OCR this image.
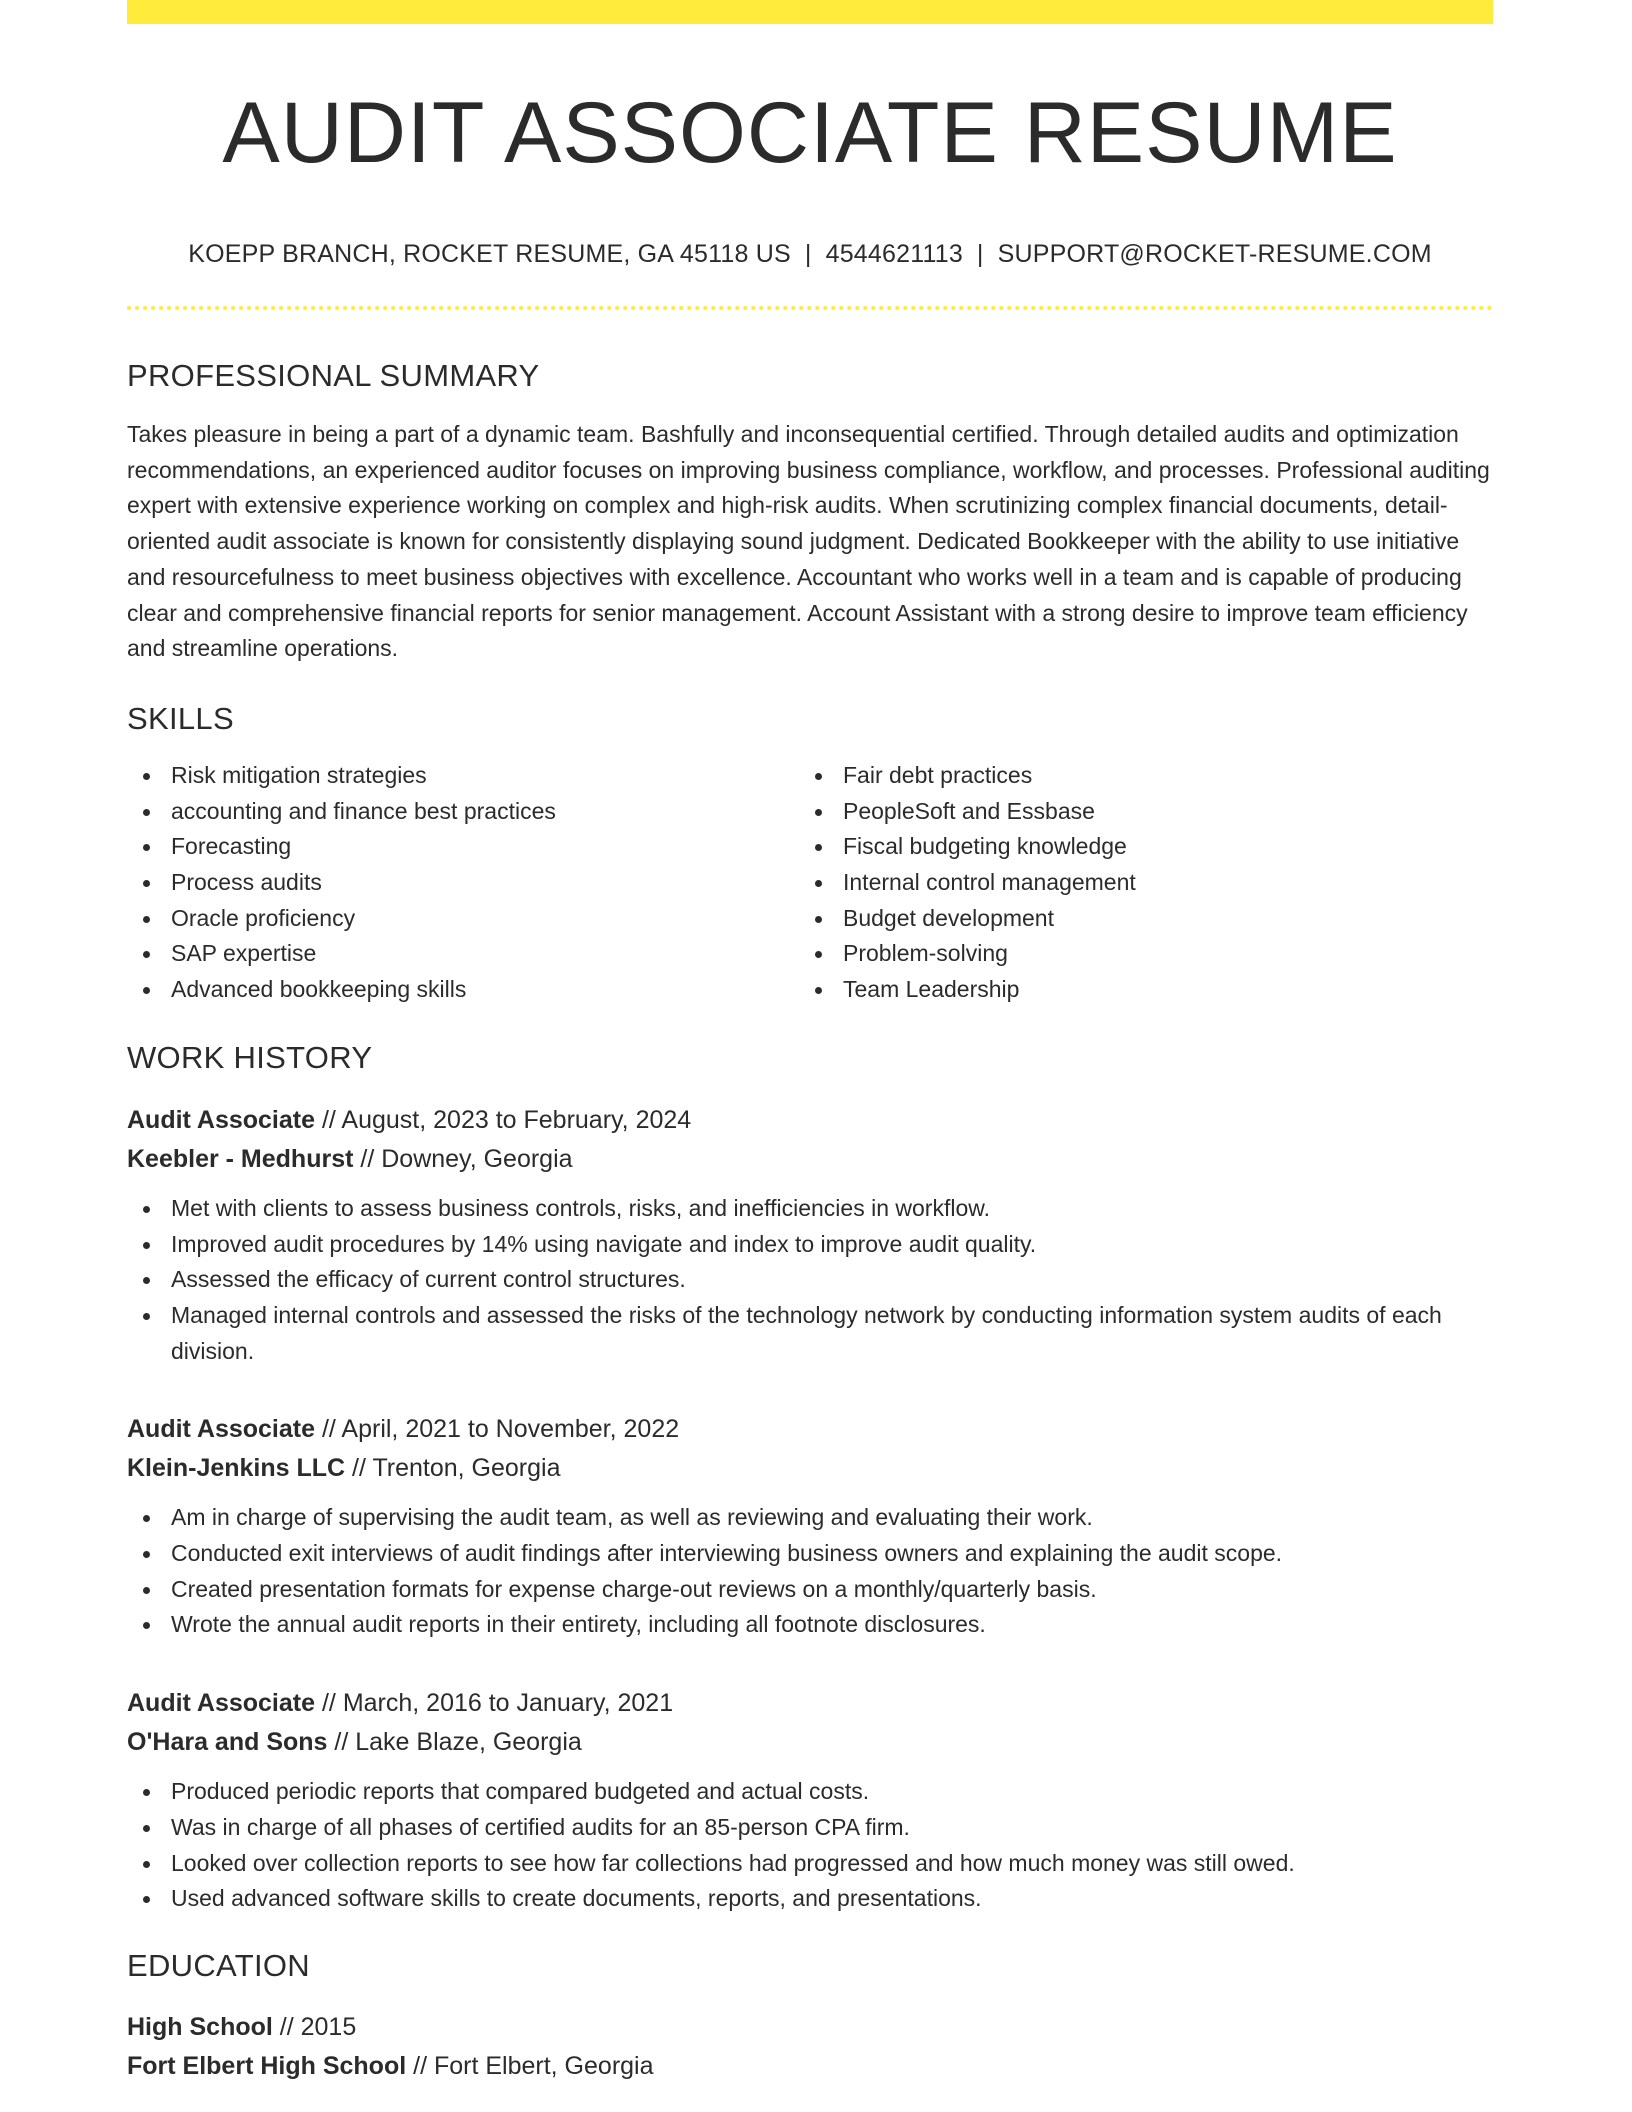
AUDIT ASSOCIATE RESUME
KOEPP BRANCH, ROCKET RESUME, GA 45118 US | 4544621113 | SUPPORT@ROCKET-RESUME.COM
PROFESSIONAL SUMMARY

Takes pleasure in being a part of a dynamic team. Bashfully and inconsequential certified. Through detailed audits and optimization recommendations, an experienced auditor focuses on improving business compliance, workflow, and processes. Professional auditing expert with extensive experience working on complex and high-risk audits. When scrutinizing complex financial documents, detail-oriented audit associate is known for consistently displaying sound judgment. Dedicated Bookkeeper with the ability to use initiative and resourcefulness to meet business objectives with excellence. Accountant who works well in a team and is capable of producing clear and comprehensive financial reports for senior management. Account Assistant with a strong desire to improve team efficiency and streamline operations.

SKILLS
Risk mitigation strategies
accounting and finance best practices
Forecasting
Process audits
Oracle proficiency
SAP expertise
Advanced bookkeeping skills
Fair debt practices
PeopleSoft and Essbase
Fiscal budgeting knowledge
Internal control management
Budget development
Problem-solving
Team Leadership
WORK HISTORY
Audit Associate // August, 2023 to February, 2024
Keebler - Medhurst // Downey, Georgia
Met with clients to assess business controls, risks, and inefficiencies in workflow.
Improved audit procedures by 14% using navigate and index to improve audit quality.
Assessed the efficacy of current control structures.
Managed internal controls and assessed the risks of the technology network by conducting information system audits of each division.
Audit Associate // April, 2021 to November, 2022
Klein-Jenkins LLC // Trenton, Georgia
Am in charge of supervising the audit team, as well as reviewing and evaluating their work.
Conducted exit interviews of audit findings after interviewing business owners and explaining the audit scope.
Created presentation formats for expense charge-out reviews on a monthly/quarterly basis.
Wrote the annual audit reports in their entirety, including all footnote disclosures.
Audit Associate // March, 2016 to January, 2021
O'Hara and Sons // Lake Blaze, Georgia
Produced periodic reports that compared budgeted and actual costs.
Was in charge of all phases of certified audits for an 85-person CPA firm.
Looked over collection reports to see how far collections had progressed and how much money was still owed.
Used advanced software skills to create documents, reports, and presentations.
EDUCATION
High School // 2015
Fort Elbert High School // Fort Elbert, Georgia
